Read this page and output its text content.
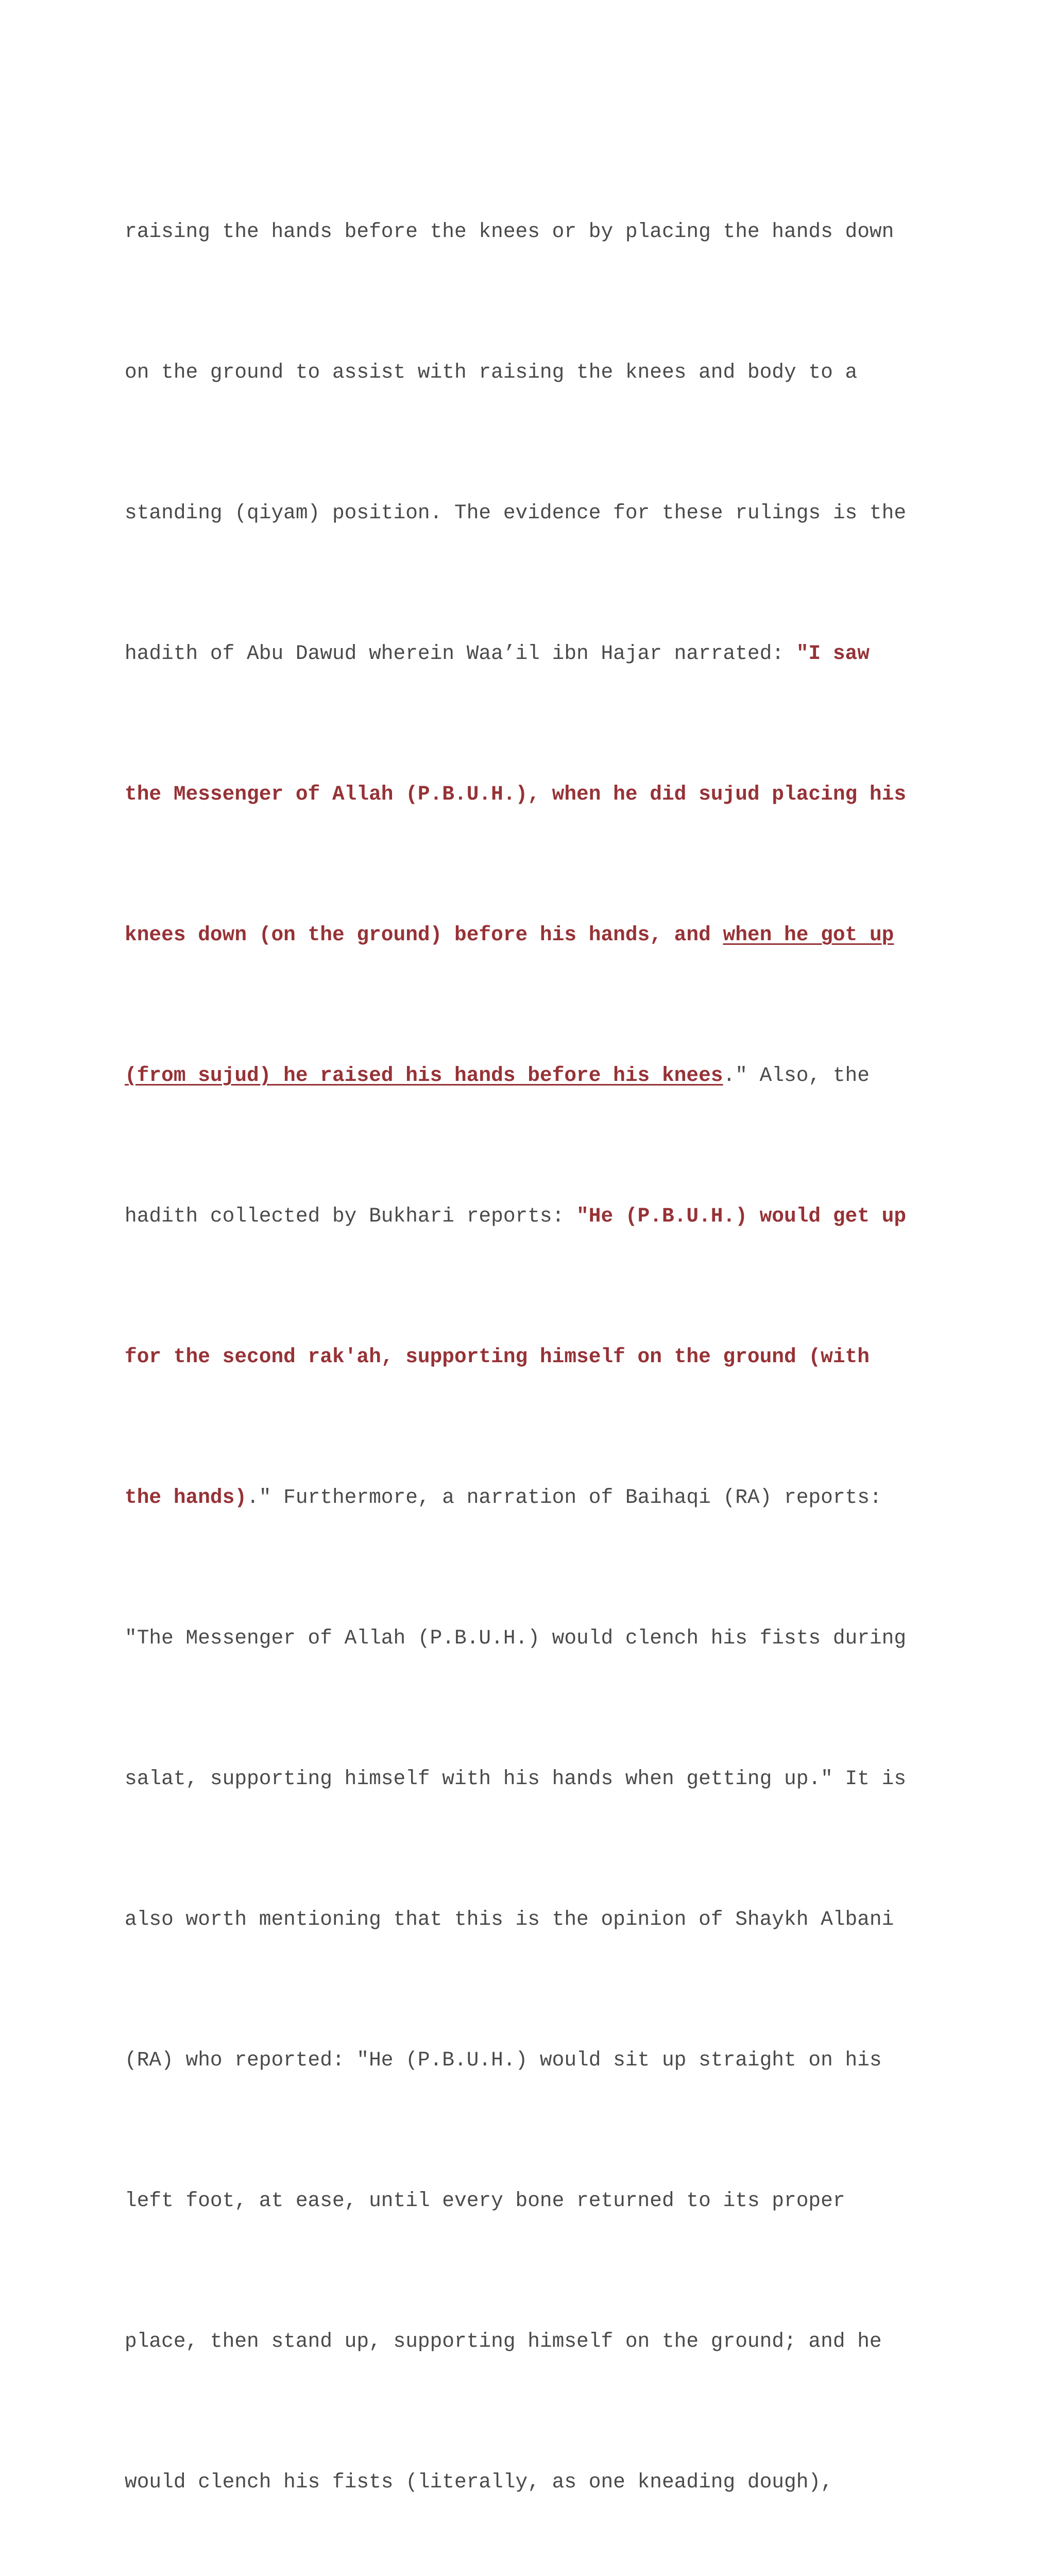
raising the hands before the knees or by placing the hands down

on the ground to assist with raising the knees and body to a

standing (qiyam) position. The evidence for these rulings is the

hadith of Abu Dawud wherein Waa’il ibn Hajar narrated: "I saw

the Messenger of Allah (P.B.U.H.), when he did sujud placing his

knees down (on the ground) before his hands, and when he got up

(from sujud) he raised his hands before his knees." Also, the

hadith collected by Bukhari reports: "He (P.B.U.H.) would get up

for the second rak'ah, supporting himself on the ground (with

the hands)." Furthermore, a narration of Baihaqi (RA) reports:

"The Messenger of Allah (P.B.U.H.) would clench his fists during

salat, supporting himself with his hands when getting up." It is

also worth mentioning that this is the opinion of Shaykh Albani

(RA) who reported: "He (P.B.U.H.) would sit up straight on his

left foot, at ease, until every bone returned to its proper

place, then stand up, supporting himself on the ground; and he

would clench his fists (literally, as one kneading dough),
